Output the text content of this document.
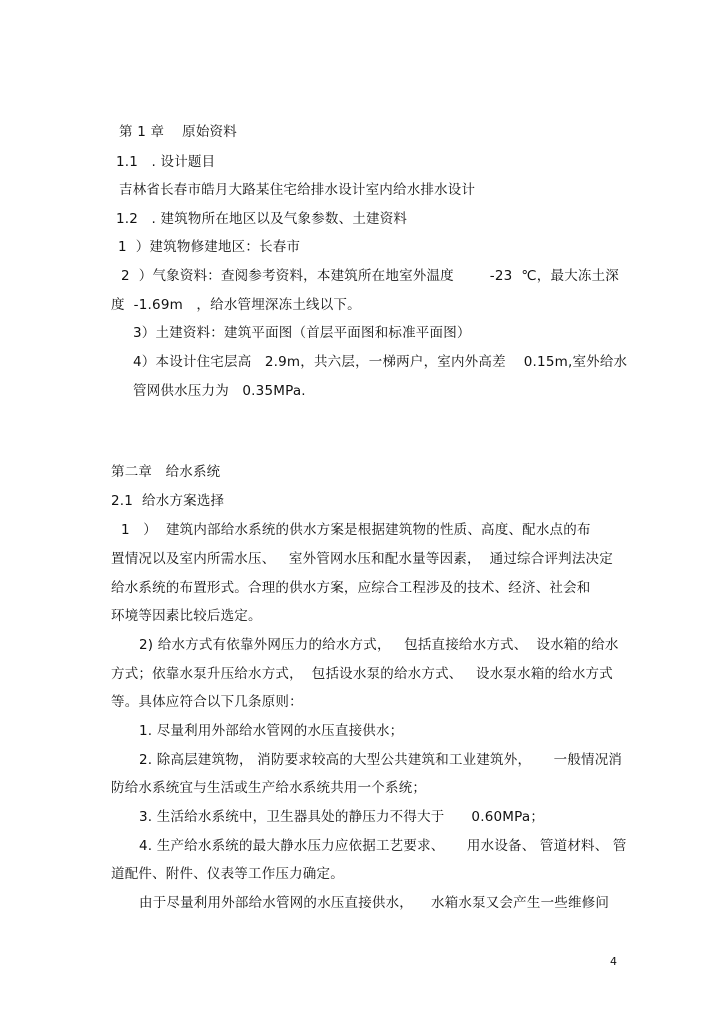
第 1 章    原始资料
1.1   . 设计题目
吉林省长春市皓月大路某住宅给排水设计室内给水排水设计
1.2   . 建筑物所在地区以及气象参数、土建资料
1  ）建筑物修建地区：长春市
2  ）气象资料：查阅参考资料，本建筑所在地室外温度        -23  ℃，最大冻土深
度  -1.69m   ，给水管埋深冻土线以下。
3）土建资料：建筑平面图（首层平面图和标准平面图）
4）本设计住宅层高   2.9m，共六层，一梯两户，室内外高差    0.15m,室外给水
管网供水压力为   0.35MPa.
第二章   给水系统
2.1  给水方案选择
1   ）  建筑内部给水系统的供水方案是根据建筑物的性质、高度、配水点的布
置情况以及室内所需水压、   室外管网水压和配水量等因素，  通过综合评判法决定
给水系统的布置形式。合理的供水方案，应综合工程涉及的技术、经济、社会和
环境等因素比较后选定。
2) 给水方式有依靠外网压力的给水方式，   包括直接给水方式、  设水箱的给水
方式；依靠水泵升压给水方式，  包括设水泵的给水方式、   设水泵水箱的给水方式
等。具体应符合以下几条原则：
1. 尽量利用外部给水管网的水压直接供水；
2. 除高层建筑物， 消防要求较高的大型公共建筑和工业建筑外，     一般情况消
防给水系统宜与生活或生产给水系统共用一个系统；
3. 生活给水系统中，卫生器具处的静压力不得大于      0.60MPa；
4. 生产给水系统的最大静水压力应依据工艺要求、     用水设备、 管道材料、 管
道配件、附件、仪表等工作压力确定。
由于尽量利用外部给水管网的水压直接供水，    水箱水泵又会产生一些维修问
4
